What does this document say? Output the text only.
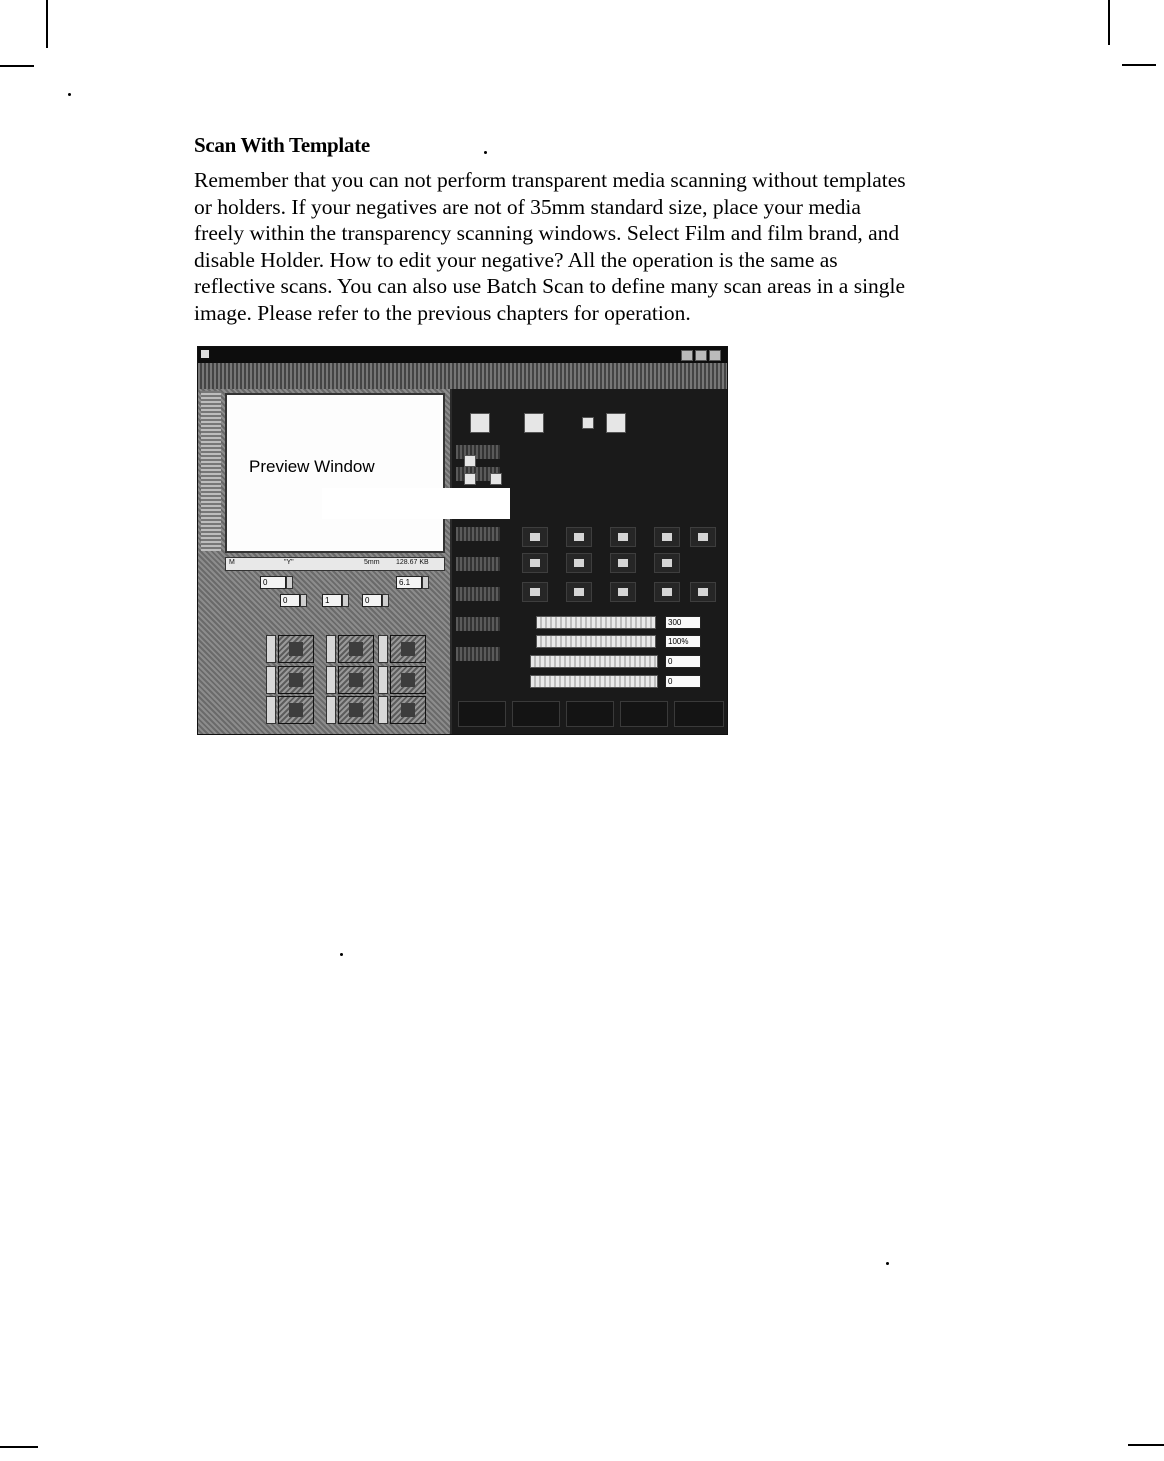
Scan With Template
Remember that you can not perform transparent media scanning without templates
or holders. If your negatives are not of 35mm standard size, place your media
freely within the transparency scanning windows. Select Film and film brand, and
disable Holder. How to edit your negative? All the operation is the same as
reflective scans. You can also use Batch Scan to define many scan areas in a single
image. Please refer to the previous chapters for operation.
Preview Window
M	"Y"	5mm 128.67 KB
0	6.1
0	1	0
300
100%
0
0
